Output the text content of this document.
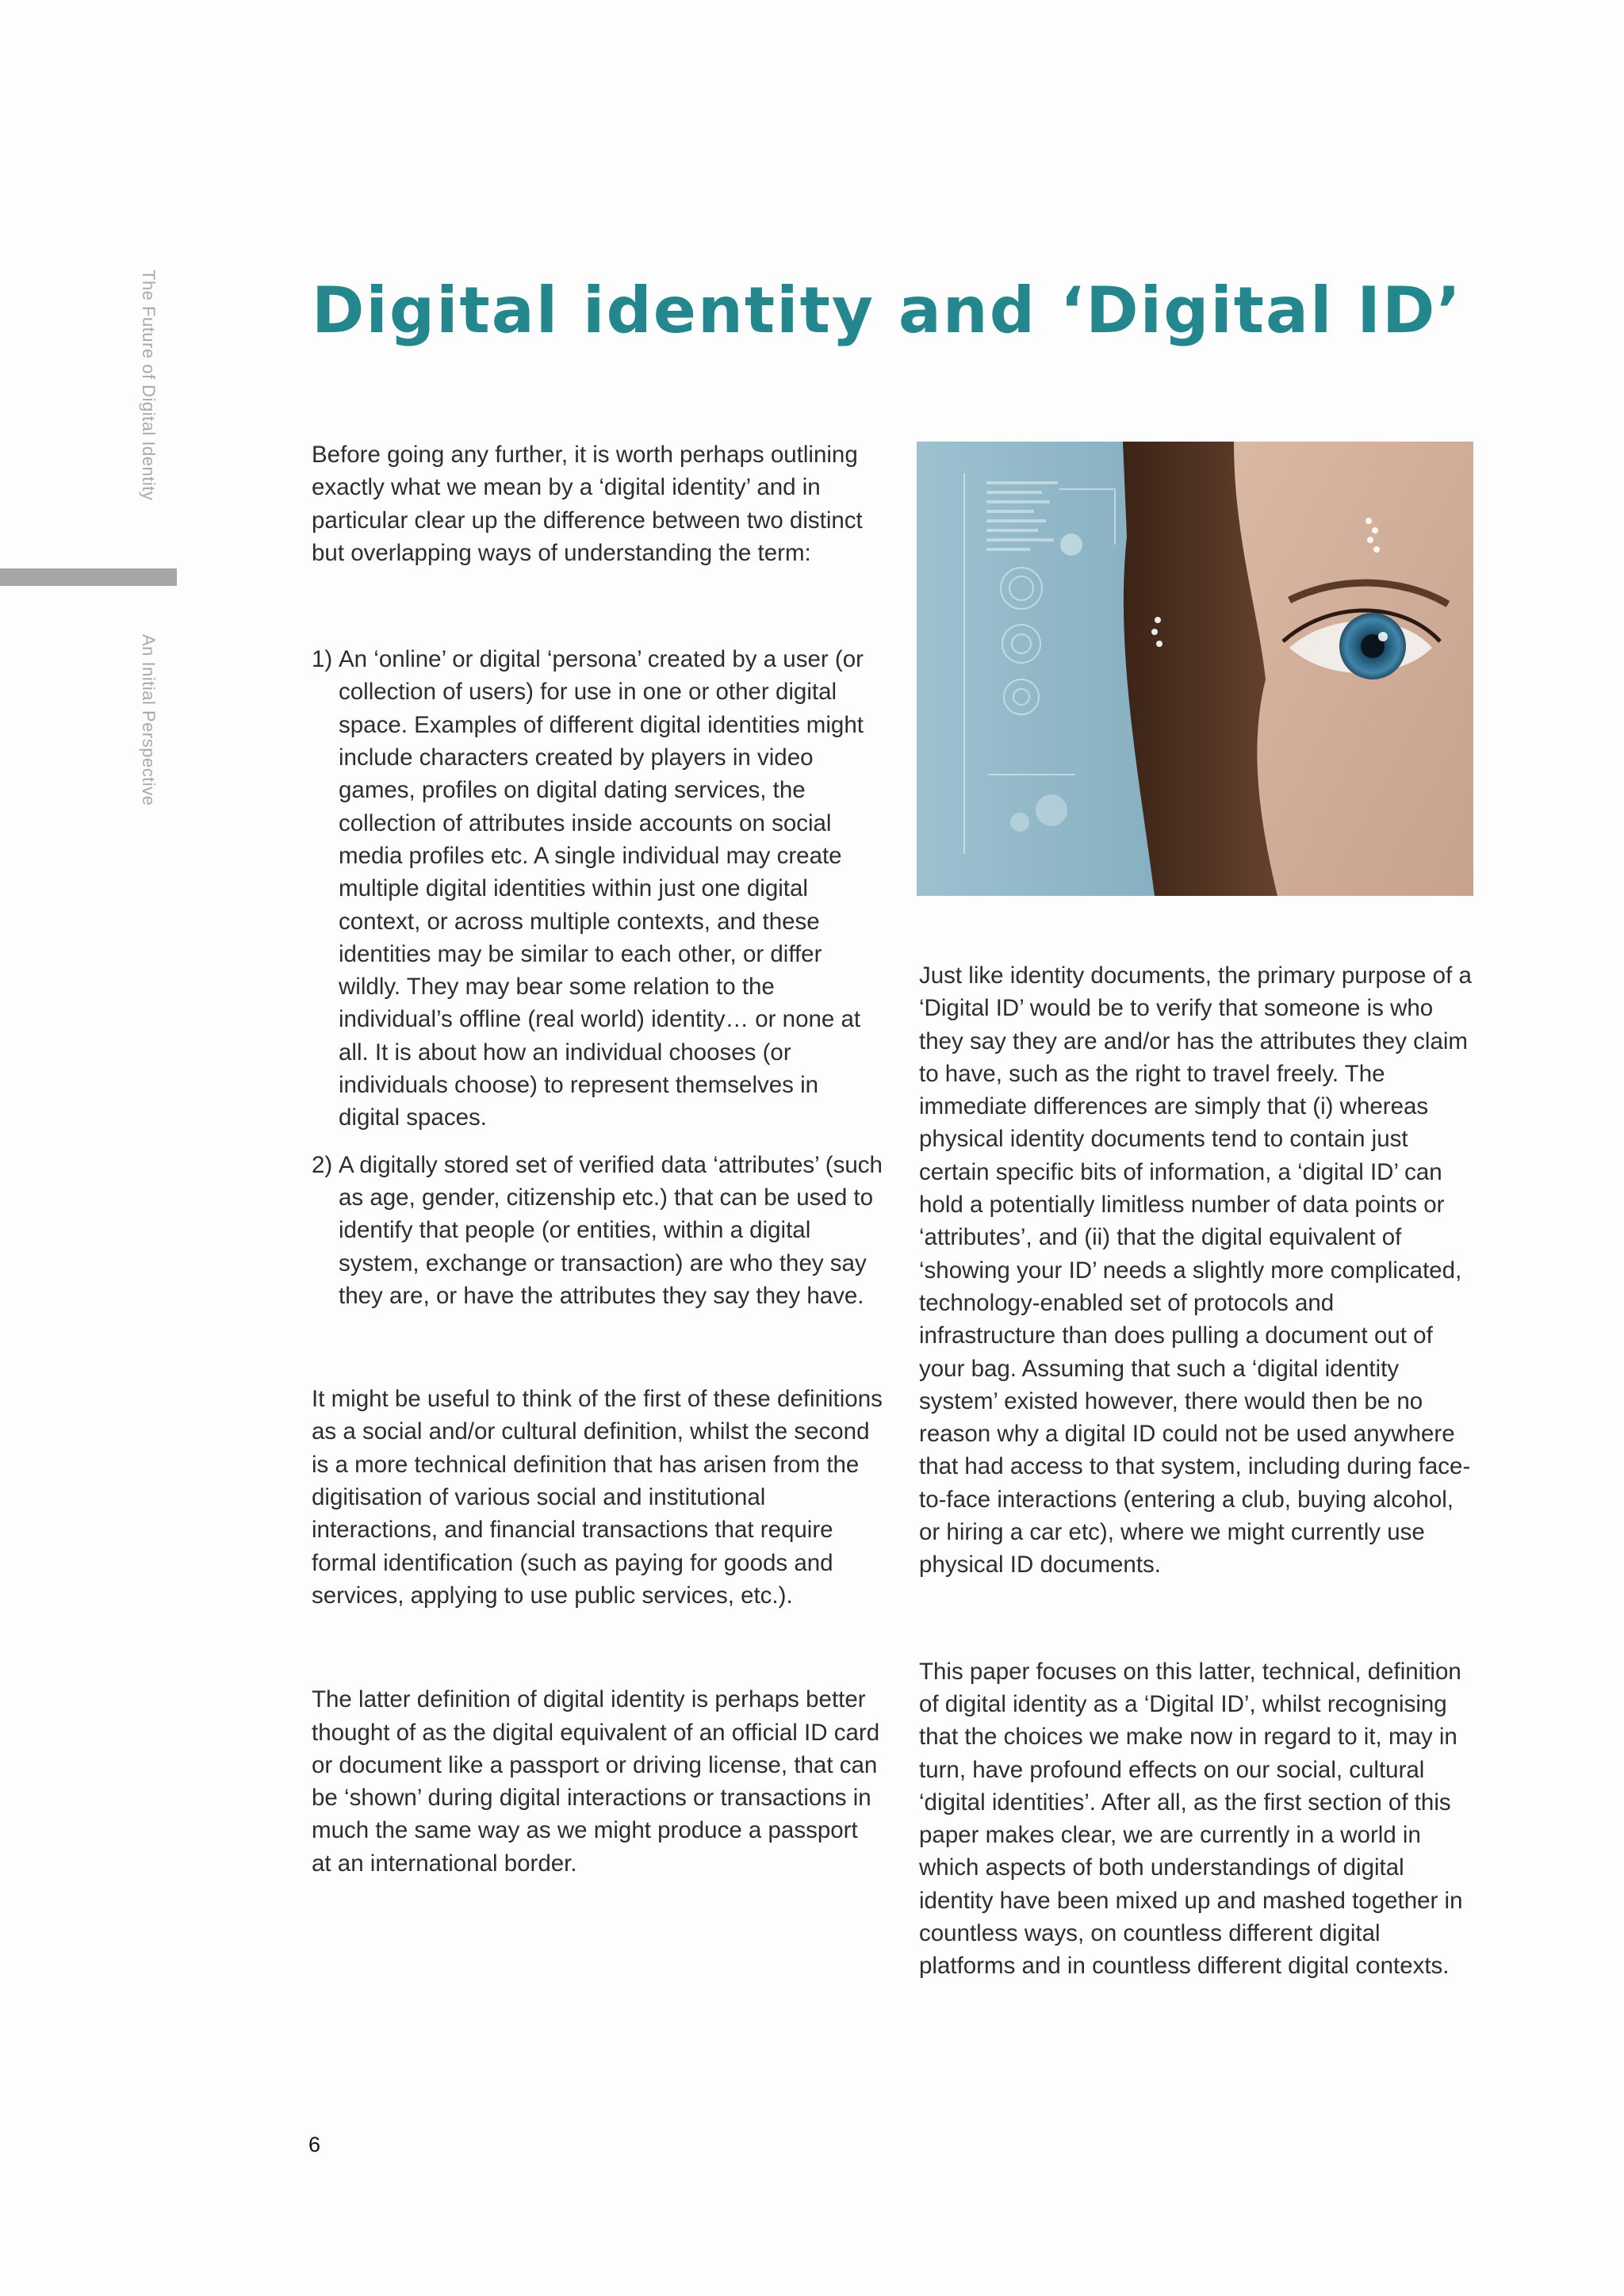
The Future of Digital Identity
An Initial Perspective
Digital identity and ‘Digital ID’

Before going any further, it is worth perhaps outlining exactly what we mean by a ‘digital identity’ and in particular clear up the difference between two distinct but overlapping ways of understanding the term:

1) An ‘online’ or digital ‘persona’ created by a user (or collection of users) for use in one or other digital space. Examples of different digital identities might include characters created by players in video games, profiles on digital dating services, the collection of attributes inside accounts on social media profiles etc. A single individual may create multiple digital identities within just one digital context, or across multiple contexts, and these identities may be similar to each other, or differ wildly. They may bear some relation to the individual’s offline (real world) identity… or none at all. It is about how an individual chooses (or individuals choose) to represent themselves in digital spaces.

2) A digitally stored set of verified data ‘attributes’ (such as age, gender, citizenship etc.) that can be used to identify that people (or entities, within a digital system, exchange or transaction) are who they say they are, or have the attributes they say they have.

It might be useful to think of the first of these definitions as a social and/or cultural definition, whilst the second is a more technical definition that has arisen from the digitisation of various social and institutional interactions, and financial transactions that require formal identification (such as paying for goods and services, applying to use public services, etc.).

The latter definition of digital identity is perhaps better thought of as the digital equivalent of an official ID card or document like a passport or driving license, that can be ‘shown’ during digital interactions or transactions in much the same way as we might produce a passport at an international border.

Just like identity documents, the primary purpose of a ‘Digital ID’ would be to verify that someone is who they say they are and/or has the attributes they claim to have, such as the right to travel freely. The immediate differences are simply that (i) whereas physical identity documents tend to contain just certain specific bits of information, a ‘digital ID’ can hold a potentially limitless number of data points or ‘attributes’, and (ii) that the digital equivalent of ‘showing your ID’ needs a slightly more complicated, technology-enabled set of protocols and infrastructure than does pulling a document out of your bag. Assuming that such a ‘digital identity system’ existed however, there would then be no reason why a digital ID could not be used anywhere that had access to that system, including during face-to-face interactions (entering a club, buying alcohol, or hiring a car etc), where we might currently use physical ID documents.

This paper focuses on this latter, technical, definition of digital identity as a ‘Digital ID’, whilst recognising that the choices we make now in regard to it, may in turn, have profound effects on our social, cultural ‘digital identities’. After all, as the first section of this paper makes clear, we are currently in a world in which aspects of both understandings of digital identity have been mixed up and mashed together in countless ways, on countless different digital platforms and in countless different digital contexts.

6
